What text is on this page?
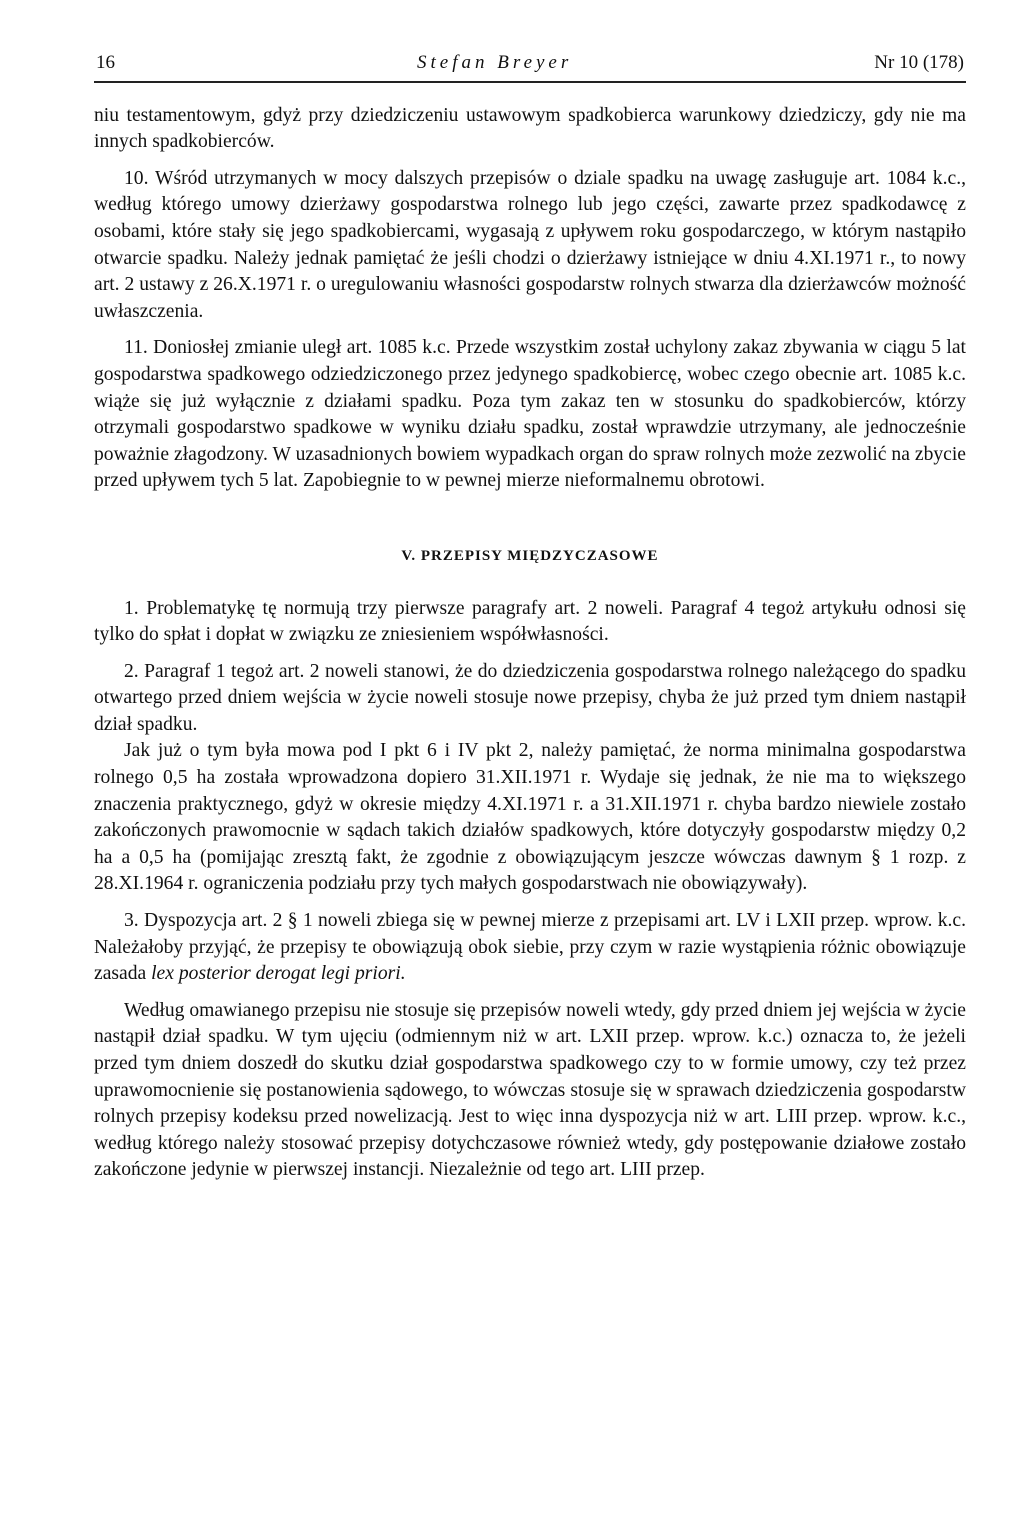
16	Stefan Breyer	Nr 10 (178)

niu testamentowym, gdyż przy dziedziczeniu ustawowym spadkobierca warunkowy dziedziczy, gdy nie ma innych spadkobierców.

10. Wśród utrzymanych w mocy dalszych przepisów o dziale spadku na uwagę zasługuje art. 1084 k.c., według którego umowy dzierżawy gospodarstwa rolnego lub jego części, zawarte przez spadkodawcę z osobami, które stały się jego spadkobiercami, wygasają z upływem roku gospodarczego, w którym nastąpiło otwarcie spadku. Należy jednak pamiętać że jeśli chodzi o dzierżawy istniejące w dniu 4.XI.1971 r., to nowy art. 2 ustawy z 26.X.1971 r. o uregulowaniu własności gospodarstw rolnych stwarza dla dzierżawców możność uwłaszczenia.

11. Doniosłej zmianie uległ art. 1085 k.c. Przede wszystkim został uchylony zakaz zbywania w ciągu 5 lat gospodarstwa spadkowego odziedziczonego przez jedynego spadkobiercę, wobec czego obecnie art. 1085 k.c. wiąże się już wyłącznie z działami spadku. Poza tym zakaz ten w stosunku do spadkobierców, którzy otrzymali gospodarstwo spadkowe w wyniku działu spadku, został wprawdzie utrzymany, ale jednocześnie poważnie złagodzony. W uzasadnionych bowiem wypadkach organ do spraw rolnych może zezwolić na zbycie przed upływem tych 5 lat. Zapobiegnie to w pewnej mierze nieformalnemu obrotowi.

V. PRZEPISY MIĘDZYCZASOWE

1. Problematykę tę normują trzy pierwsze paragrafy art. 2 noweli. Paragraf 4 tegoż artykułu odnosi się tylko do spłat i dopłat w związku ze zniesieniem współwłasności.

2. Paragraf 1 tegoż art. 2 noweli stanowi, że do dziedziczenia gospodarstwa rolnego należącego do spadku otwartego przed dniem wejścia w życie noweli stosuje nowe przepisy, chyba że już przed tym dniem nastąpił dział spadku.

Jak już o tym była mowa pod I pkt 6 i IV pkt 2, należy pamiętać, że norma minimalna gospodarstwa rolnego 0,5 ha została wprowadzona dopiero 31.XII.1971 r. Wydaje się jednak, że nie ma to większego znaczenia praktycznego, gdyż w okresie między 4.XI.1971 r. a 31.XII.1971 r. chyba bardzo niewiele zostało zakończonych prawomocnie w sądach takich działów spadkowych, które dotyczyły gospodarstw między 0,2 ha a 0,5 ha (pomijając zresztą fakt, że zgodnie z obowiązującym jeszcze wówczas dawnym § 1 rozp. z 28.XI.1964 r. ograniczenia podziału przy tych małych gospodarstwach nie obowiązywały).

3. Dyspozycja art. 2 § 1 noweli zbiega się w pewnej mierze z przepisami art. LV i LXII przep. wprow. k.c. Należałoby przyjąć, że przepisy te obowiązują obok siebie, przy czym w razie wystąpienia różnic obowiązuje zasada lex posterior derogat legi priori.

Według omawianego przepisu nie stosuje się przepisów noweli wtedy, gdy przed dniem jej wejścia w życie nastąpił dział spadku. W tym ujęciu (odmiennym niż w art. LXII przep. wprow. k.c.) oznacza to, że jeżeli przed tym dniem doszedł do skutku dział gospodarstwa spadkowego czy to w formie umowy, czy też przez uprawomocnienie się postanowienia sądowego, to wówczas stosuje się w sprawach dziedziczenia gospodarstw rolnych przepisy kodeksu przed nowelizacją. Jest to więc inna dyspozycja niż w art. LIII przep. wprow. k.c., według którego należy stosować przepisy dotychczasowe również wtedy, gdy postępowanie działowe zostało zakończone jedynie w pierwszej instancji. Niezależnie od tego art. LIII przep.
